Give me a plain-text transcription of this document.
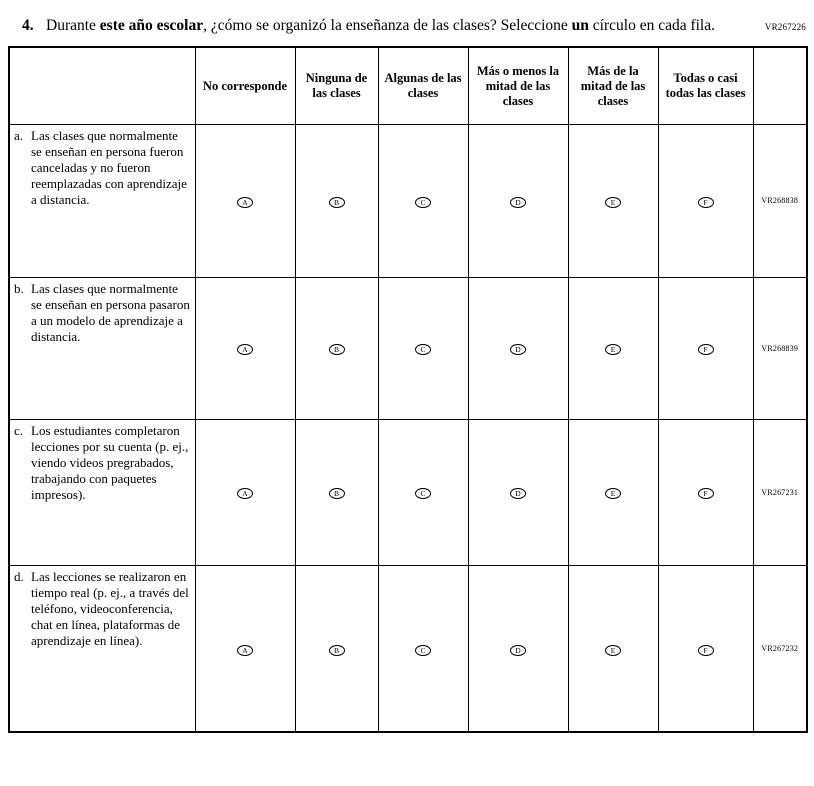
VR267226
4. Durante este año escolar, ¿cómo se organizó la enseñanza de las clases? Seleccione un círculo en cada fila.
	No corresponde	Ninguna de las clases	Algunas de las clases	Más o menos la mitad de las clases	Más de la mitad de las clases	Todas o casi todas las clases	

a. Las clases que normalmente se enseñan en persona fueron canceladas y no fueron reemplazadas con aprendizaje a distancia.	A	B	C	D	E	F	VR268838

b. Las clases que normalmente se enseñan en persona pasaron a un modelo de aprendizaje a distancia.	A	B	C	D	E	F	VR268839

c. Los estudiantes completaron lecciones por su cuenta (p. ej., viendo videos pregrabados, trabajando con paquetes impresos).	A	B	C	D	E	F	VR267231

d. Las lecciones se realizaron en tiempo real (p. ej., a través del teléfono, videoconferencia, chat en línea, plataformas de aprendizaje en línea).	A	B	C	D	E	F	VR267232
